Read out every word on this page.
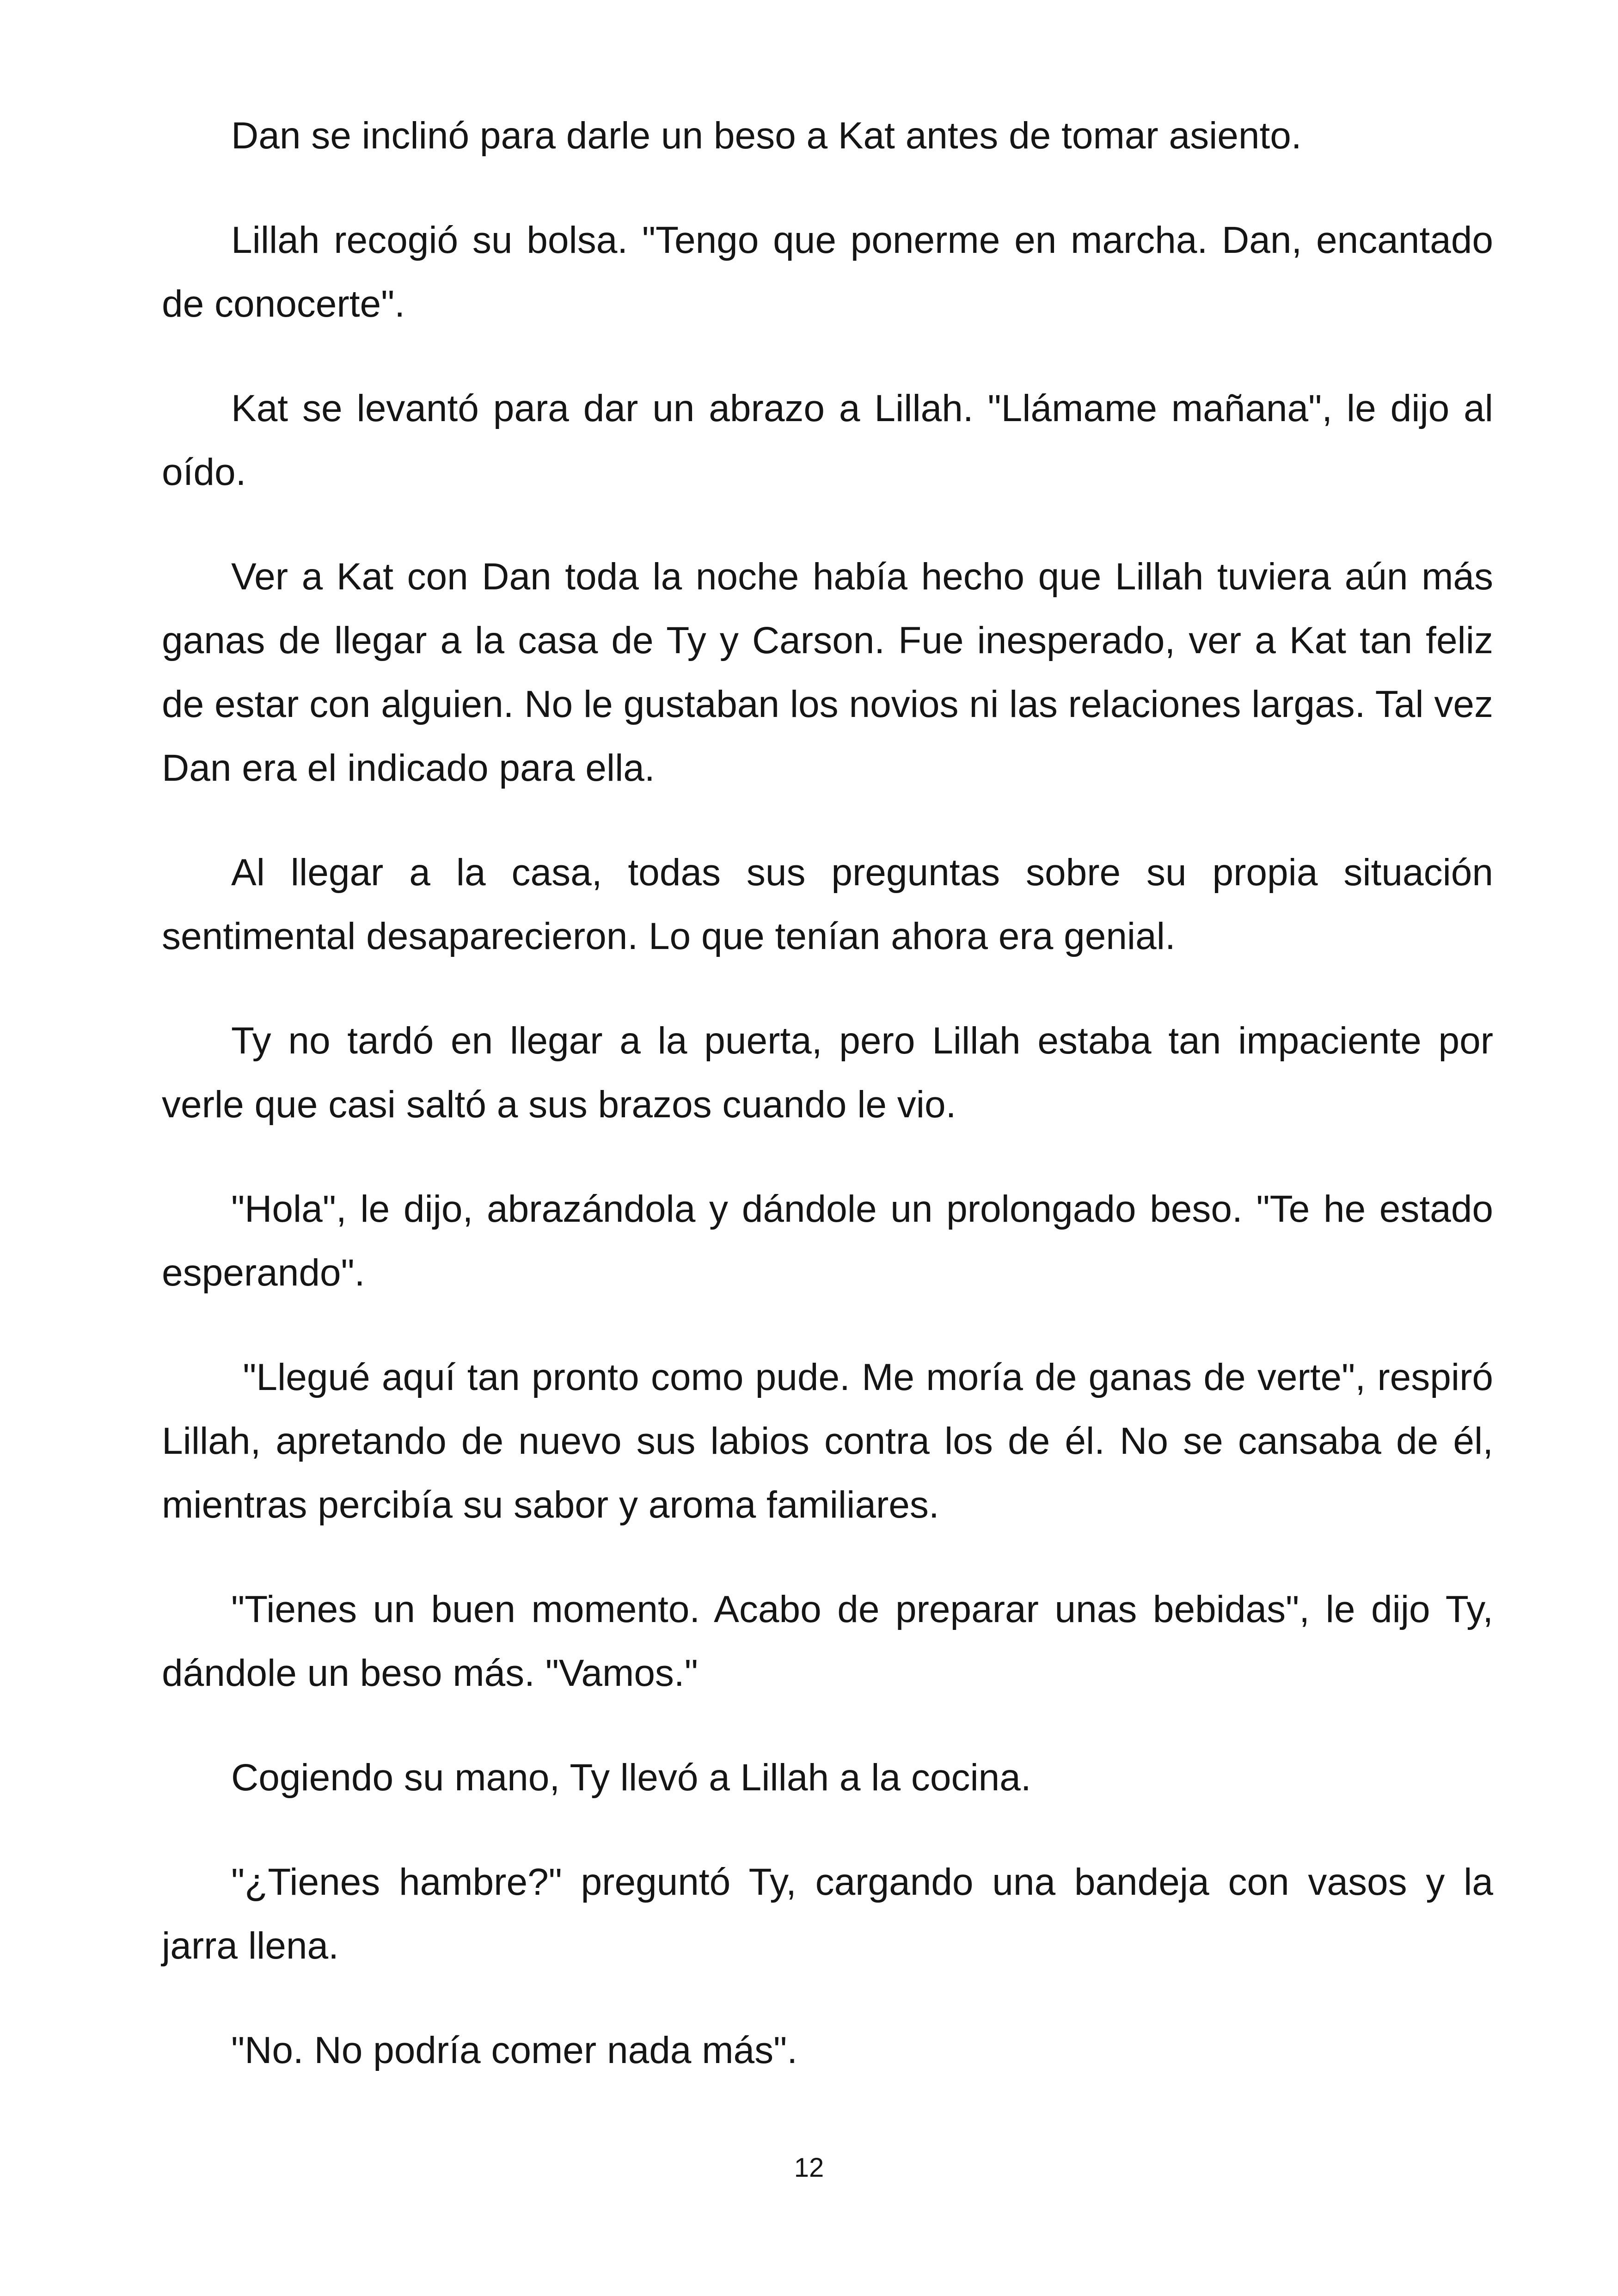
Dan se inclinó para darle un beso a Kat antes de tomar asiento.

Lillah recogió su bolsa. "Tengo que ponerme en marcha. Dan, encantado de conocerte".

Kat se levantó para dar un abrazo a Lillah. "Llámame mañana", le dijo al oído.

Ver a Kat con Dan toda la noche había hecho que Lillah tuviera aún más ganas de llegar a la casa de Ty y Carson. Fue inesperado, ver a Kat tan feliz de estar con alguien. No le gustaban los novios ni las relaciones largas. Tal vez Dan era el indicado para ella.

Al llegar a la casa, todas sus preguntas sobre su propia situación sentimental desaparecieron. Lo que tenían ahora era genial.

Ty no tardó en llegar a la puerta, pero Lillah estaba tan impaciente por verle que casi saltó a sus brazos cuando le vio.

"Hola", le dijo, abrazándola y dándole un prolongado beso. "Te he estado esperando".

"Llegué aquí tan pronto como pude. Me moría de ganas de verte", respiró Lillah, apretando de nuevo sus labios contra los de él. No se cansaba de él, mientras percibía su sabor y aroma familiares.

"Tienes un buen momento. Acabo de preparar unas bebidas", le dijo Ty, dándole un beso más. "Vamos."

Cogiendo su mano, Ty llevó a Lillah a la cocina.

"¿Tienes hambre?" preguntó Ty, cargando una bandeja con vasos y la jarra llena.

"No. No podría comer nada más".

12
